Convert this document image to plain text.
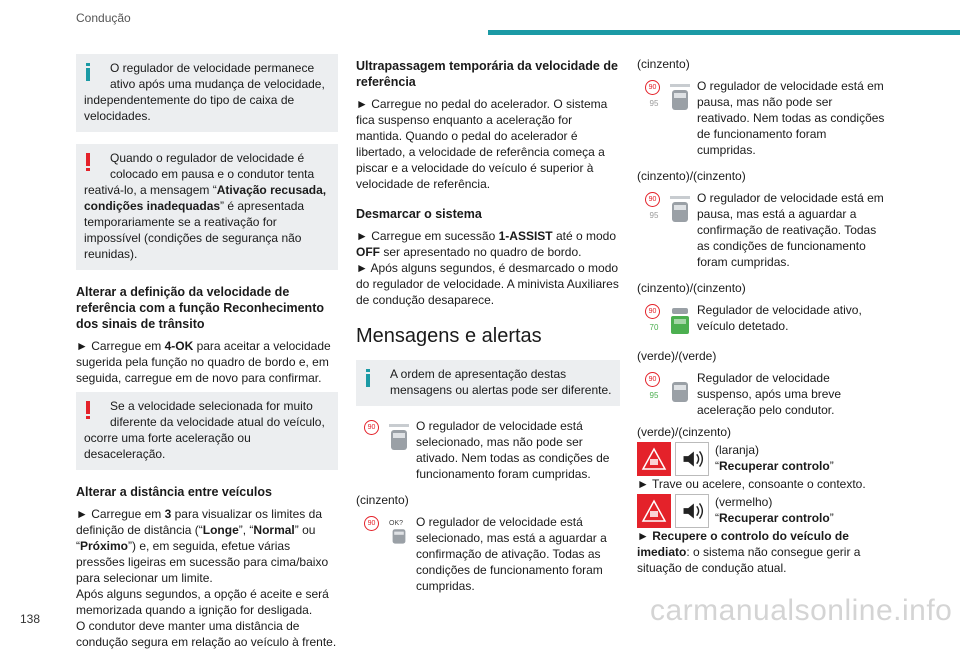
Condução

O regulador de velocidade permanece ativo após uma mudança de velocidade,
independentemente do tipo de caixa de velocidades.

Quando o regulador de velocidade é colocado em pausa e o condutor tenta
reativá-lo, a mensagem “Ativação recusada, condições inadequadas” é apresentada temporariamente se a reativação for impossível (condições de segurança não reunidas).

Alterar a definição da velocidade de referência com a função Reconhecimento dos sinais de trânsito

► Carregue em 4-OK para aceitar a velocidade sugerida pela função no quadro de bordo e, em seguida, carregue em de novo para confirmar.

Se a velocidade selecionada for muito diferente da velocidade atual do veículo,
ocorre uma forte aceleração ou desaceleração.

Alterar a distância entre veículos

► Carregue em 3 para visualizar os limites da definição de distância (“Longe”, “Normal” ou “Próximo”) e, em seguida, efetue várias pressões ligeiras em sucessão para cima/baixo para selecionar um limite.

Após alguns segundos, a opção é aceite e será memorizada quando a ignição for desligada.

O condutor deve manter uma distância de condução segura em relação ao veículo à frente.

Ultrapassagem temporária da velocidade de referência

► Carregue no pedal do acelerador. O sistema fica suspenso enquanto a aceleração for mantida. Quando o pedal do acelerador é libertado, a velocidade de referência começa a piscar e a velocidade do veículo é superior à velocidade de referência.

Desmarcar o sistema

► Carregue em sucessão 1-ASSIST até o modo OFF ser apresentado no quadro de bordo.

► Após alguns segundos, é desmarcado o modo do regulador de velocidade. A minivista Auxiliares de condução desaparece.

Mensagens e alertas

A ordem de apresentação destas
mensagens ou alertas pode ser diferente.

90	O regulador de velocidade está selecionado, mas não pode ser ativado. Nem todas as condições de funcionamento foram cumpridas.

(cinzento)

90	OK? O regulador de velocidade está selecionado, mas está a aguardar a confirmação de ativação. Todas as condições de funcionamento foram cumpridas.

(cinzento)

90
95
O regulador de velocidade está em pausa, mas não pode ser reativado. Nem todas as condições de funcionamento foram cumpridas.

(cinzento)/(cinzento)

90
95
O regulador de velocidade está em pausa, mas está a aguardar a confirmação de reativação. Todas as condições de funcionamento foram cumpridas.

(cinzento)/(cinzento)

90
70
Regulador de velocidade ativo, veículo detetado.

(verde)/(verde)

90
95
Regulador de velocidade suspenso, após uma breve aceleração pelo condutor.

(verde)/(cinzento)

(laranja)
“Recuperar controlo”

► Trave ou acelere, consoante o contexto.

(vermelho)
“Recuperar controlo”

► Recupere o controlo do veículo de imediato: o sistema não consegue gerir a situação de condução atual.

138	carmanualsonline.info
